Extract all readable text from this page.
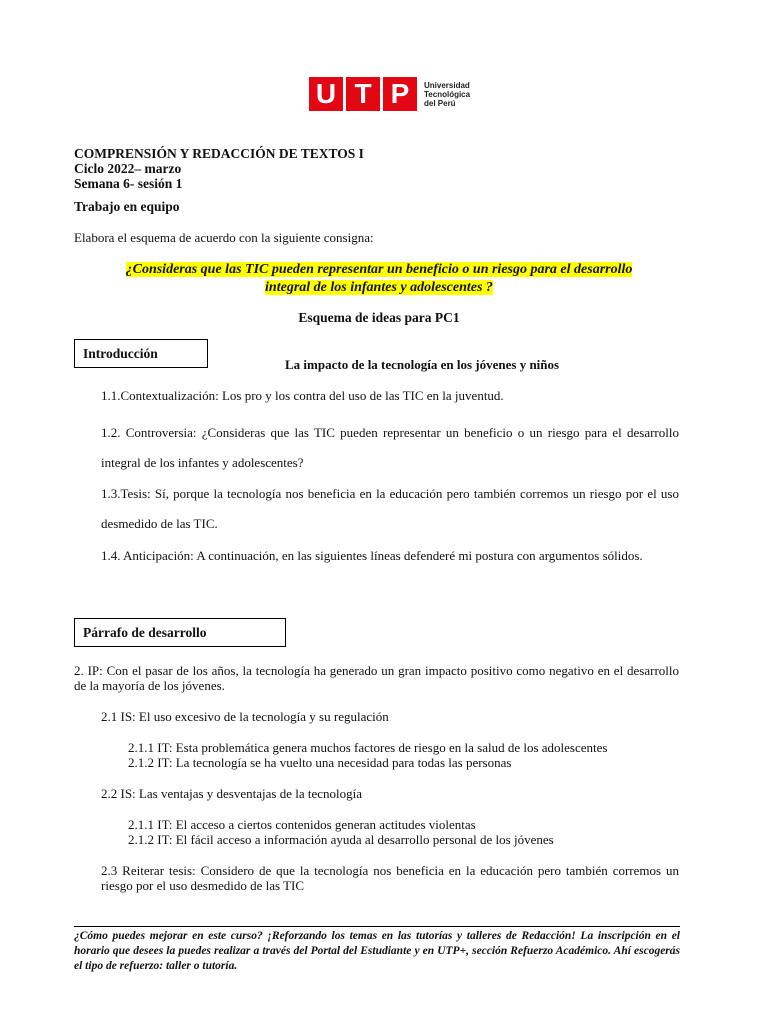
U T P	Universidad
Tecnológica
del Perú
COMPRENSIÓN Y REDACCIÓN DE TEXTOS I
Ciclo 2022– marzo
Semana 6- sesión 1
Trabajo en equipo
Elabora el esquema de acuerdo con la siguiente consigna:
¿Consideras que las TIC pueden representar un beneficio o un riesgo para el desarrollo
integral de los infantes y adolescentes ?
Esquema de ideas para PC1
Introducción
La impacto de la tecnología en los jóvenes y niños
1.1.Contextualización: Los pro y los contra del uso de las TIC en la juventud.
1.2. Controversia: ¿Consideras que las TIC pueden representar un beneficio o un riesgo para el desarrollo integral de los infantes y adolescentes?
1.3.Tesis: Sí, porque la tecnología nos beneficia en la educación pero también corremos un riesgo por el uso desmedido de las TIC.
1.4. Anticipación: A continuación, en las siguientes líneas defenderé mi postura con argumentos sólidos.
Párrafo de desarrollo
2. IP: Con el pasar de los años, la tecnología ha generado un gran impacto positivo como negativo en el desarrollo de la mayoría de los jóvenes.
2.1 IS: El uso excesivo de la tecnología y su regulación
2.1.1 IT: Esta problemática genera muchos factores de riesgo en la salud de los adolescentes
2.1.2 IT: La tecnología se ha vuelto una necesidad para todas las personas
2.2 IS: Las ventajas y desventajas de la tecnología
2.1.1 IT: El acceso a ciertos contenidos generan actitudes violentas
2.1.2 IT: El fácil acceso a información ayuda al desarrollo personal de los jóvenes
2.3 Reiterar tesis: Considero de que la tecnología nos beneficia en la educación pero también corremos un riesgo por el uso desmedido de las TIC
¿Cómo puedes mejorar en este curso? ¡Reforzando los temas en las tutorías y talleres de Redacción! La inscripción en el horario que desees la puedes realizar a través del Portal del Estudiante y en UTP+, sección Refuerzo Académico. Ahí escogerás el tipo de refuerzo: taller o tutoría.
